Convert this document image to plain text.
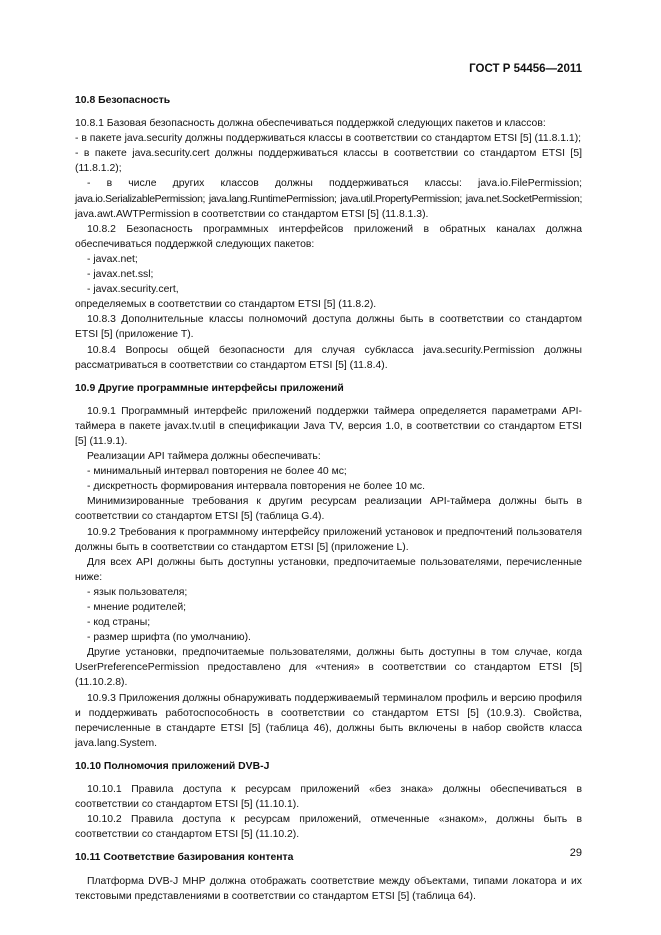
ГОСТ Р 54456—2011

10.8 Безопасность

10.8.1 Базовая безопасность должна обеспечиваться поддержкой следующих пакетов и классов:

- в пакете java.security должны поддерживаться классы в соответствии со стандартом ETSI [5] (11.8.1.1);

- в пакете java.security.cert должны поддерживаться классы в соответствии со стандартом ETSI [5] (11.8.1.2);

- в числе других классов должны поддерживаться классы: java.io.FilePermission;

java.io.SerializablePermission; java.lang.RuntimePermission; java.util.PropertyPermission; java.net.SocketPermission;

java.awt.AWTPermission в соответствии со стандартом ETSI [5] (11.8.1.3).

10.8.2 Безопасность программных интерфейсов приложений в обратных каналах должна обеспечиваться поддержкой следующих пакетов:

- javax.net;

- javax.net.ssl;

- javax.security.cert,

определяемых в соответствии со стандартом ETSI [5] (11.8.2).

10.8.3 Дополнительные классы полномочий доступа должны быть в соответствии со стандартом ETSI [5] (приложение Т).

10.8.4 Вопросы общей безопасности для случая субкласса java.security.Permission должны рассматриваться в соответствии со стандартом ETSI [5] (11.8.4).

10.9 Другие программные интерфейсы приложений

10.9.1 Программный интерфейс приложений поддержки таймера определяется параметрами API-таймера в пакете javax.tv.util в спецификации Java TV, версия 1.0, в соответствии со стандартом ETSI [5] (11.9.1).

Реализации API таймера должны обеспечивать:

- минимальный интервал повторения не более 40 мс;

- дискретность формирования интервала повторения не более 10 мс.

Минимизированные требования к другим ресурсам реализации API-таймера должны быть в соответствии со стандартом ETSI [5] (таблица G.4).

10.9.2 Требования к программному интерфейсу приложений установок и предпочтений пользователя должны быть в соответствии со стандартом ETSI [5] (приложение L).

Для всех API должны быть доступны установки, предпочитаемые пользователями, перечисленные ниже:

- язык пользователя;

- мнение родителей;

- код страны;

- размер шрифта (по умолчанию).

Другие установки, предпочитаемые пользователями, должны быть доступны в том случае, когда UserPreferencePermission предоставлено для «чтения» в соответствии со стандартом ETSI [5] (11.10.2.8).

10.9.3 Приложения должны обнаруживать поддерживаемый терминалом профиль и версию профиля и поддерживать работоспособность в соответствии со стандартом ETSI [5] (10.9.3). Свойства, перечисленные в стандарте ETSI [5] (таблица 46), должны быть включены в набор свойств класса java.lang.System.

10.10 Полномочия приложений DVB-J

10.10.1 Правила доступа к ресурсам приложений «без знака» должны обеспечиваться в соответствии со стандартом ETSI [5] (11.10.1).

10.10.2 Правила доступа к ресурсам приложений, отмеченные «знаком», должны быть в соответствии со стандартом ETSI [5] (11.10.2).

10.11 Соответствие базирования контента

Платформа DVB-J MHP должна отображать соответствие между объектами, типами локатора и их текстовыми представлениями в соответствии со стандартом ETSI [5] (таблица 64).

29
